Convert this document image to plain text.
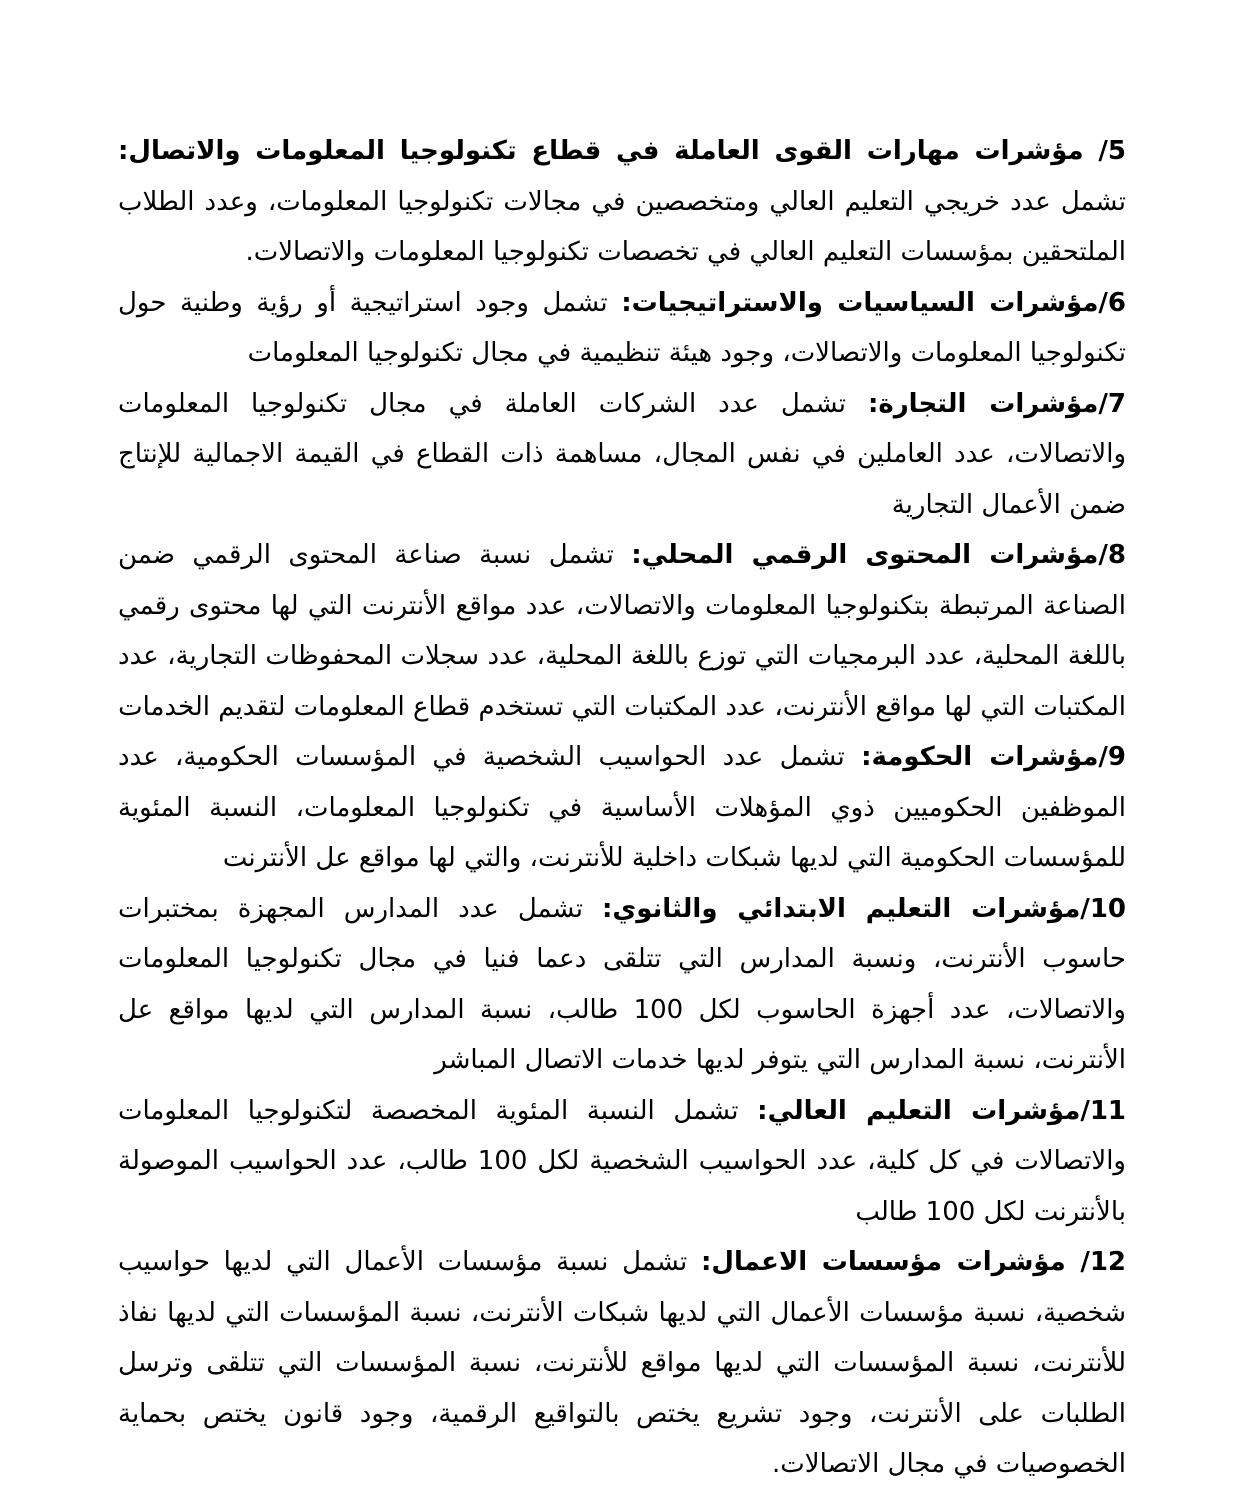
5/ مؤشرات مهارات القوى العاملة في قطاع تكنولوجيا المعلومات والاتصال: تشمل عدد خريجي التعليم العالي ومتخصصين في مجالات تكنولوجيا المعلومات، وعدد الطلاب الملتحقين بمؤسسات التعليم العالي في تخصصات تكنولوجيا المعلومات والاتصالات.

6/مؤشرات السياسيات والاستراتيجيات: تشمل وجود استراتيجية أو رؤية وطنية حول تكنولوجيا المعلومات والاتصالات، وجود هيئة تنظيمية في مجال تكنولوجيا المعلومات

7/مؤشرات التجارة: تشمل عدد الشركات العاملة في مجال تكنولوجيا المعلومات والاتصالات، عدد العاملين في نفس المجال، مساهمة ذات القطاع في القيمة الاجمالية للإنتاج ضمن الأعمال التجارية

8/مؤشرات المحتوى الرقمي المحلي: تشمل نسبة صناعة المحتوى الرقمي ضمن الصناعة المرتبطة بتكنولوجيا المعلومات والاتصالات، عدد مواقع الأنترنت التي لها محتوى رقمي باللغة المحلية، عدد البرمجيات التي توزع باللغة المحلية، عدد سجلات المحفوظات التجارية، عدد المكتبات التي لها مواقع الأنترنت، عدد المكتبات التي تستخدم قطاع المعلومات لتقديم الخدمات

9/مؤشرات الحكومة: تشمل عدد الحواسيب الشخصية في المؤسسات الحكومية، عدد الموظفين الحكوميين ذوي المؤهلات الأساسية في تكنولوجيا المعلومات، النسبة المئوية للمؤسسات الحكومية التي لديها شبكات داخلية للأنترنت، والتي لها مواقع عل الأنترنت

10/مؤشرات التعليم الابتدائي والثانوي: تشمل عدد المدارس المجهزة بمختبرات حاسوب الأنترنت، ونسبة المدارس التي تتلقى دعما فنيا في مجال تكنولوجيا المعلومات والاتصالات، عدد أجهزة الحاسوب لكل 100 طالب، نسبة المدارس التي لديها مواقع عل الأنترنت، نسبة المدارس التي يتوفر لديها خدمات الاتصال المباشر

11/مؤشرات التعليم العالي: تشمل النسبة المئوية المخصصة لتكنولوجيا المعلومات والاتصالات في كل كلية، عدد الحواسيب الشخصية لكل 100 طالب، عدد الحواسيب الموصولة بالأنترنت لكل 100 طالب

12/ مؤشرات مؤسسات الاعمال: تشمل نسبة مؤسسات الأعمال التي لديها حواسيب شخصية، نسبة مؤسسات الأعمال التي لديها شبكات الأنترنت، نسبة المؤسسات التي لديها نفاذ للأنترنت، نسبة المؤسسات التي لديها مواقع للأنترنت، نسبة المؤسسات التي تتلقى وترسل الطلبات على الأنترنت، وجود تشريع يختص بالتواقيع الرقمية، وجود قانون يختص بحماية الخصوصيات في مجال الاتصالات.
